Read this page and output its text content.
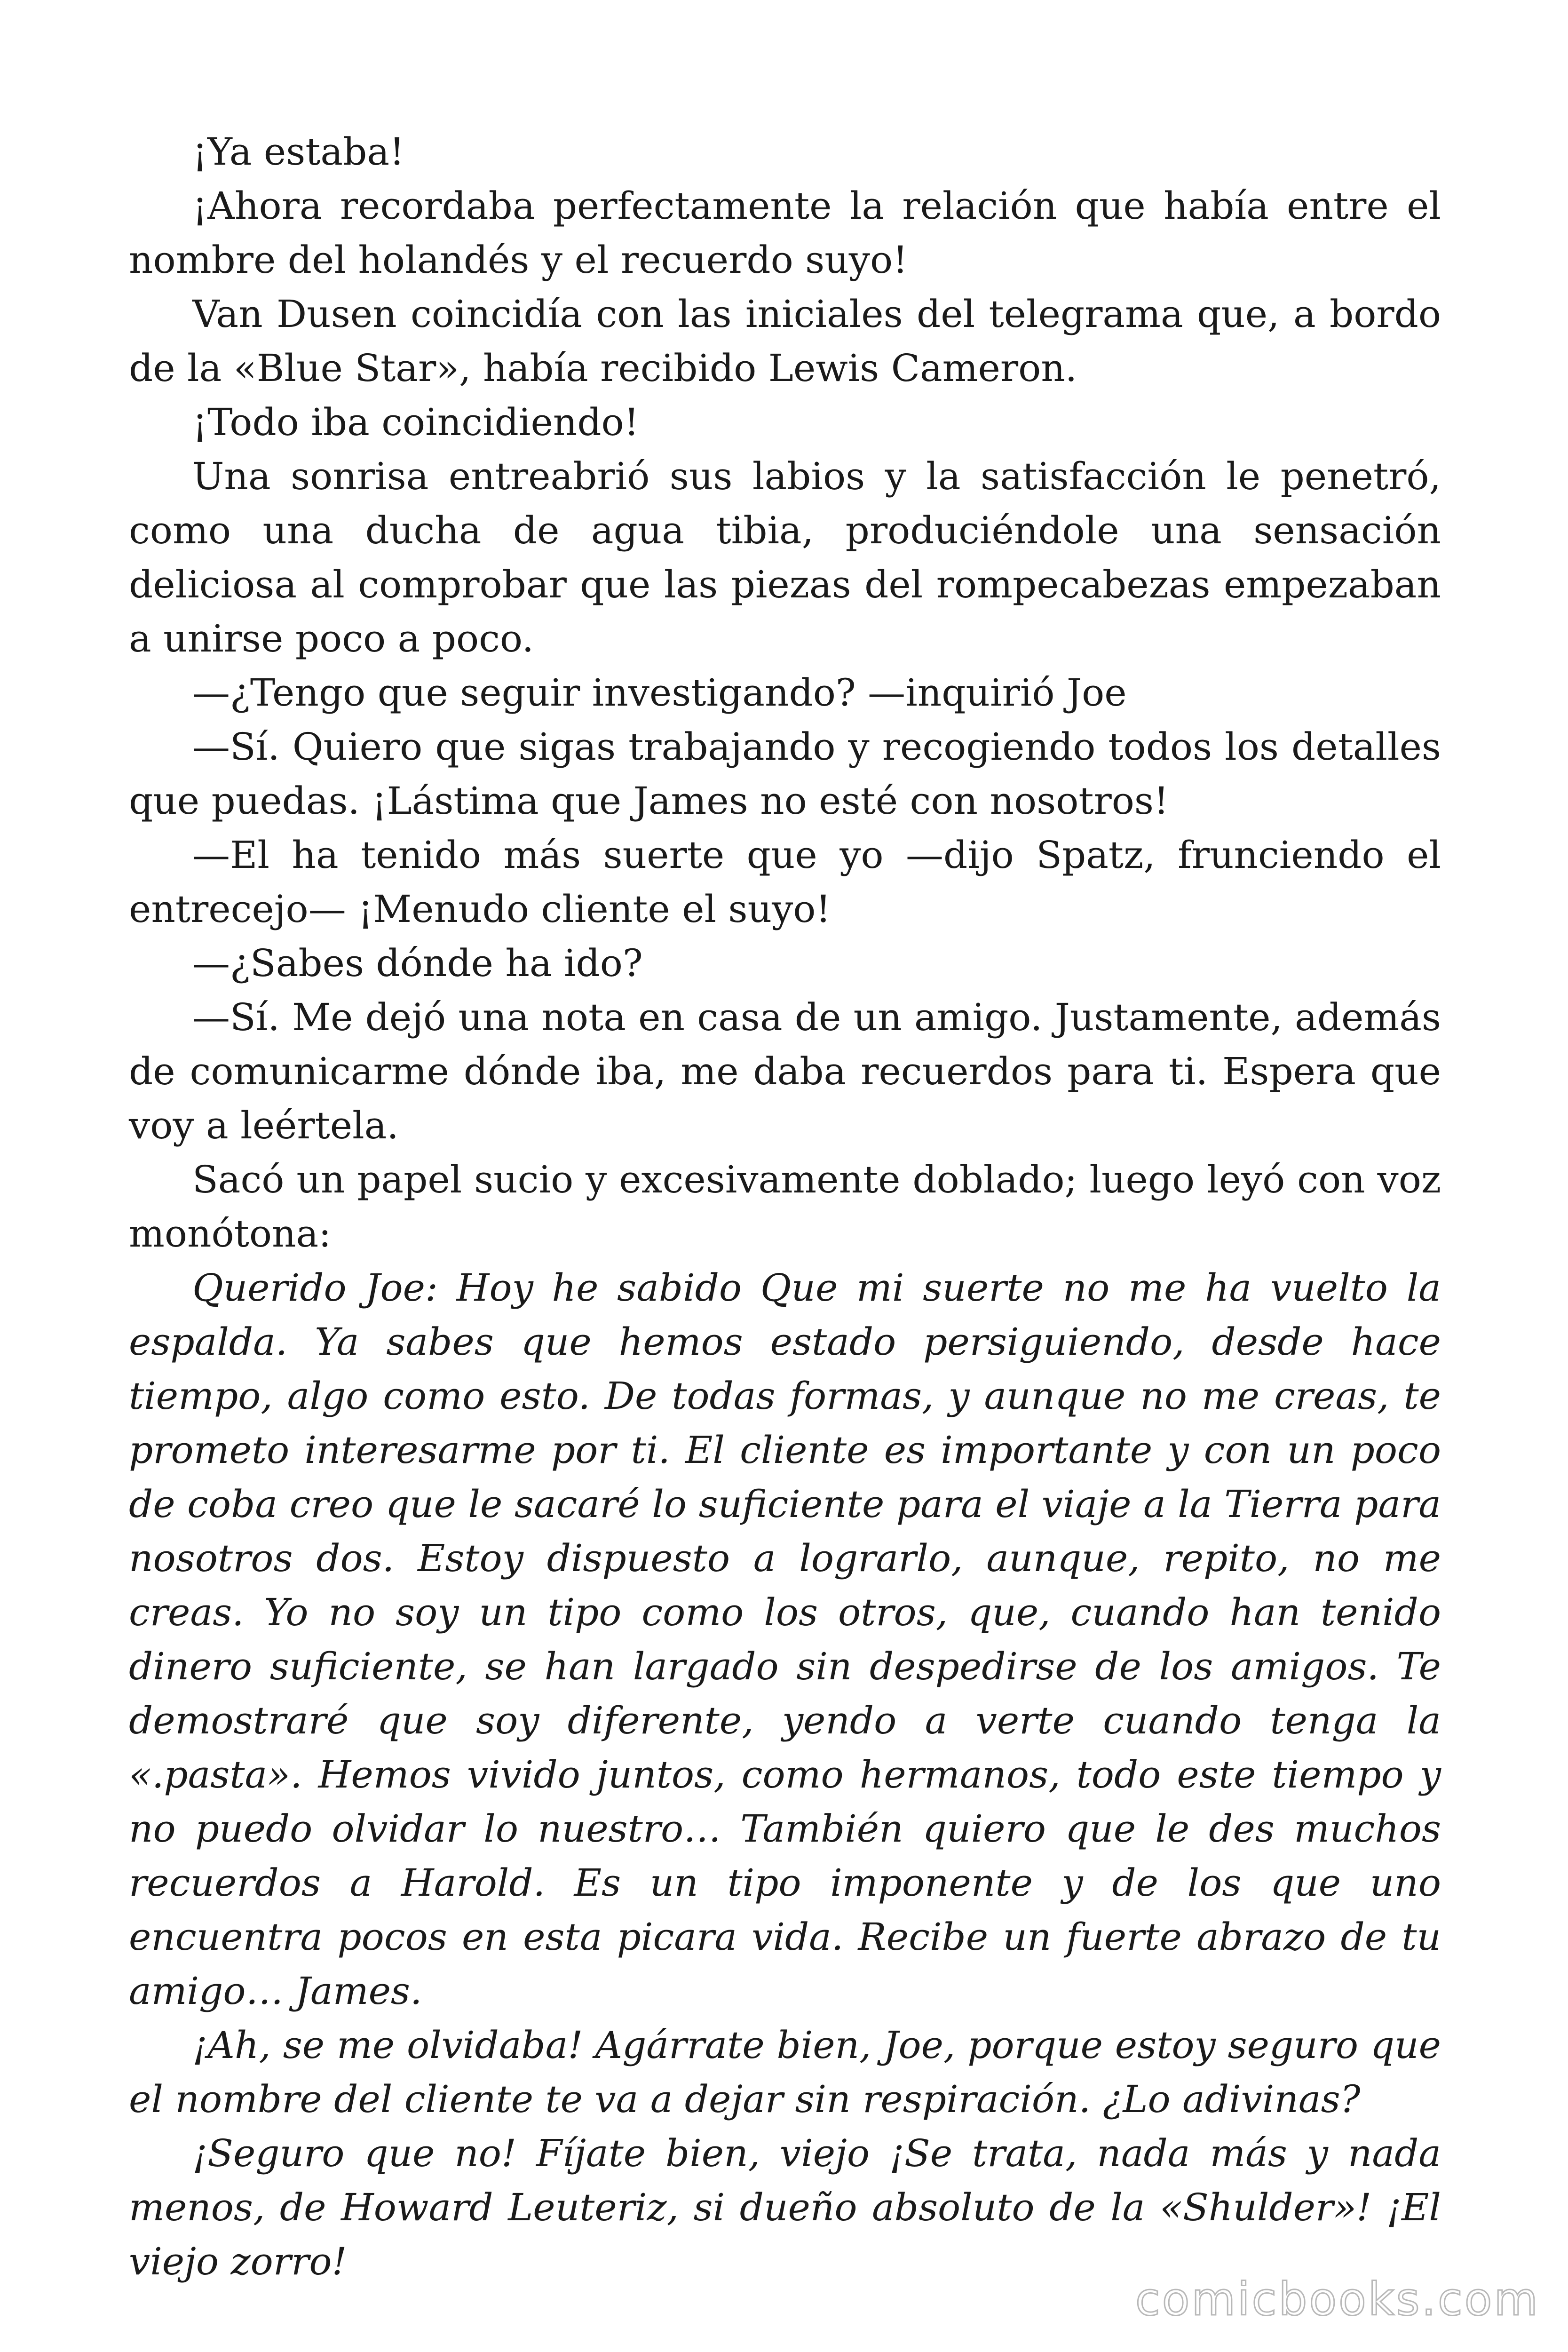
¡Ya estaba!

¡Ahora recordaba perfectamente la relación que había entre el nombre del holandés y el recuerdo suyo!

Van Dusen coincidía con las iniciales del telegrama que, a bordo de la «Blue Star», había recibido Lewis Cameron.

¡Todo iba coincidiendo!

Una sonrisa entreabrió sus labios y la satisfacción le penetró, como una ducha de agua tibia, produciéndole una sensación deliciosa al comprobar que las piezas del rompecabezas empezaban a unirse poco a poco.

—¿Tengo que seguir investigando? —inquirió Joe

—Sí. Quiero que sigas trabajando y recogiendo todos los detalles que puedas. ¡Lástima que James no esté con nosotros!

—El ha tenido más suerte que yo —dijo Spatz, frunciendo el entrecejo— ¡Menudo cliente el suyo!

—¿Sabes dónde ha ido?

—Sí. Me dejó una nota en casa de un amigo. Justamente, además de comunicarme dónde iba, me daba recuerdos para ti. Espera que voy a leértela.

Sacó un papel sucio y excesivamente doblado; luego leyó con voz monótona:

Querido Joe: Hoy he sabido Que mi suerte no me ha vuelto la espalda. Ya sabes que hemos estado persiguiendo, desde hace tiempo, algo como esto. De todas formas, y aunque no me creas, te prometo interesarme por ti. El cliente es importante y con un poco de coba creo que le sacaré lo suficiente para el viaje a la Tierra para nosotros dos. Estoy dispuesto a lograrlo, aunque, repito, no me creas. Yo no soy un tipo como los otros, que, cuando han tenido dinero suficiente, se han largado sin despedirse de los amigos. Te demostraré que soy diferente, yendo a verte cuando tenga la «.pasta». Hemos vivido juntos, como hermanos, todo este tiempo y no puedo olvidar lo nuestro… También quiero que le des muchos recuerdos a Harold. Es un tipo imponente y de los que uno encuentra pocos en esta picara vida. Recibe un fuerte abrazo de tu amigo… James.

¡Ah, se me olvidaba! Agárrate bien, Joe, porque estoy seguro que el nombre del cliente te va a dejar sin respiración. ¿Lo adivinas?

¡Seguro que no! Fíjate bien, viejo ¡Se trata, nada más y nada menos, de Howard Leuteriz, si dueño absoluto de la «Shulder»! ¡El viejo zorro!

comicbooks.com
